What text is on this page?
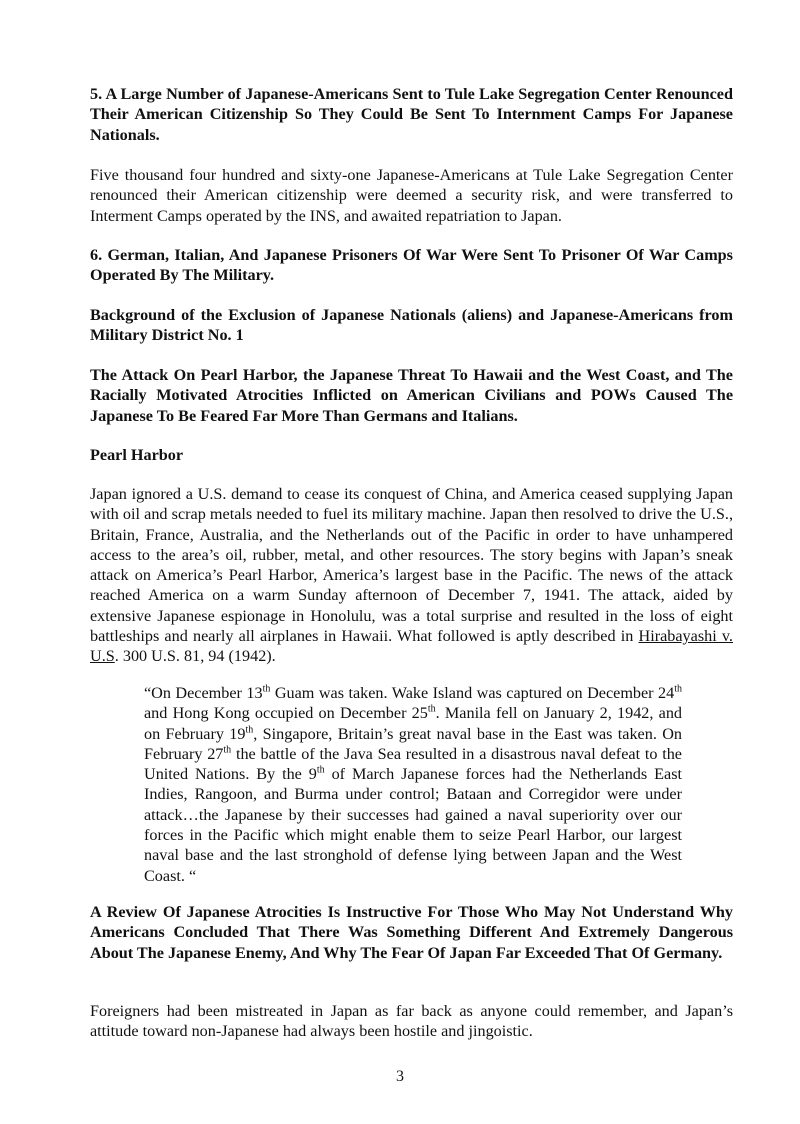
5. A Large Number of Japanese-Americans Sent to Tule Lake Segregation Center Renounced Their American Citizenship So They Could Be Sent To Internment Camps For Japanese Nationals.

Five thousand four hundred and sixty-one Japanese-Americans at Tule Lake Segregation Center renounced their American citizenship were deemed a security risk, and were transferred to Interment Camps operated by the INS, and awaited repatriation to Japan.

6. German, Italian, And Japanese Prisoners Of War Were Sent To Prisoner Of War Camps Operated By The Military.

Background of the Exclusion of Japanese Nationals (aliens) and Japanese-Americans from Military District No. 1

The Attack On Pearl Harbor, the Japanese Threat To Hawaii and the West Coast, and The Racially Motivated Atrocities Inflicted on American Civilians and POWs Caused The Japanese To Be Feared Far More Than Germans and Italians.

Pearl Harbor

Japan ignored a U.S. demand to cease its conquest of China, and America ceased supplying Japan with oil and scrap metals needed to fuel its military machine. Japan then resolved to drive the U.S., Britain, France, Australia, and the Netherlands out of the Pacific in order to have unhampered access to the area’s oil, rubber, metal, and other resources. The story begins with Japan’s sneak attack on America’s Pearl Harbor, America’s largest base in the Pacific. The news of the attack reached America on a warm Sunday afternoon of December 7, 1941. The attack, aided by extensive Japanese espionage in Honolulu, was a total surprise and resulted in the loss of eight battleships and nearly all airplanes in Hawaii. What followed is aptly described in Hirabayashi v. U.S. 300 U.S. 81, 94 (1942).

“On December 13th Guam was taken. Wake Island was captured on December 24th and Hong Kong occupied on December 25th. Manila fell on January 2, 1942, and on February 19th, Singapore, Britain’s great naval base in the East was taken. On February 27th the battle of the Java Sea resulted in a disastrous naval defeat to the United Nations. By the 9th of March Japanese forces had the Netherlands East Indies, Rangoon, and Burma under control; Bataan and Corregidor were under attack…the Japanese by their successes had gained a naval superiority over our forces in the Pacific which might enable them to seize Pearl Harbor, our largest naval base and the last stronghold of defense lying between Japan and the West Coast. “

A Review Of Japanese Atrocities Is Instructive For Those Who May Not Understand Why Americans Concluded That There Was Something Different And Extremely Dangerous About The Japanese Enemy, And Why The Fear Of Japan Far Exceeded That Of Germany.

Foreigners had been mistreated in Japan as far back as anyone could remember, and Japan’s attitude toward non-Japanese had always been hostile and jingoistic.

3
